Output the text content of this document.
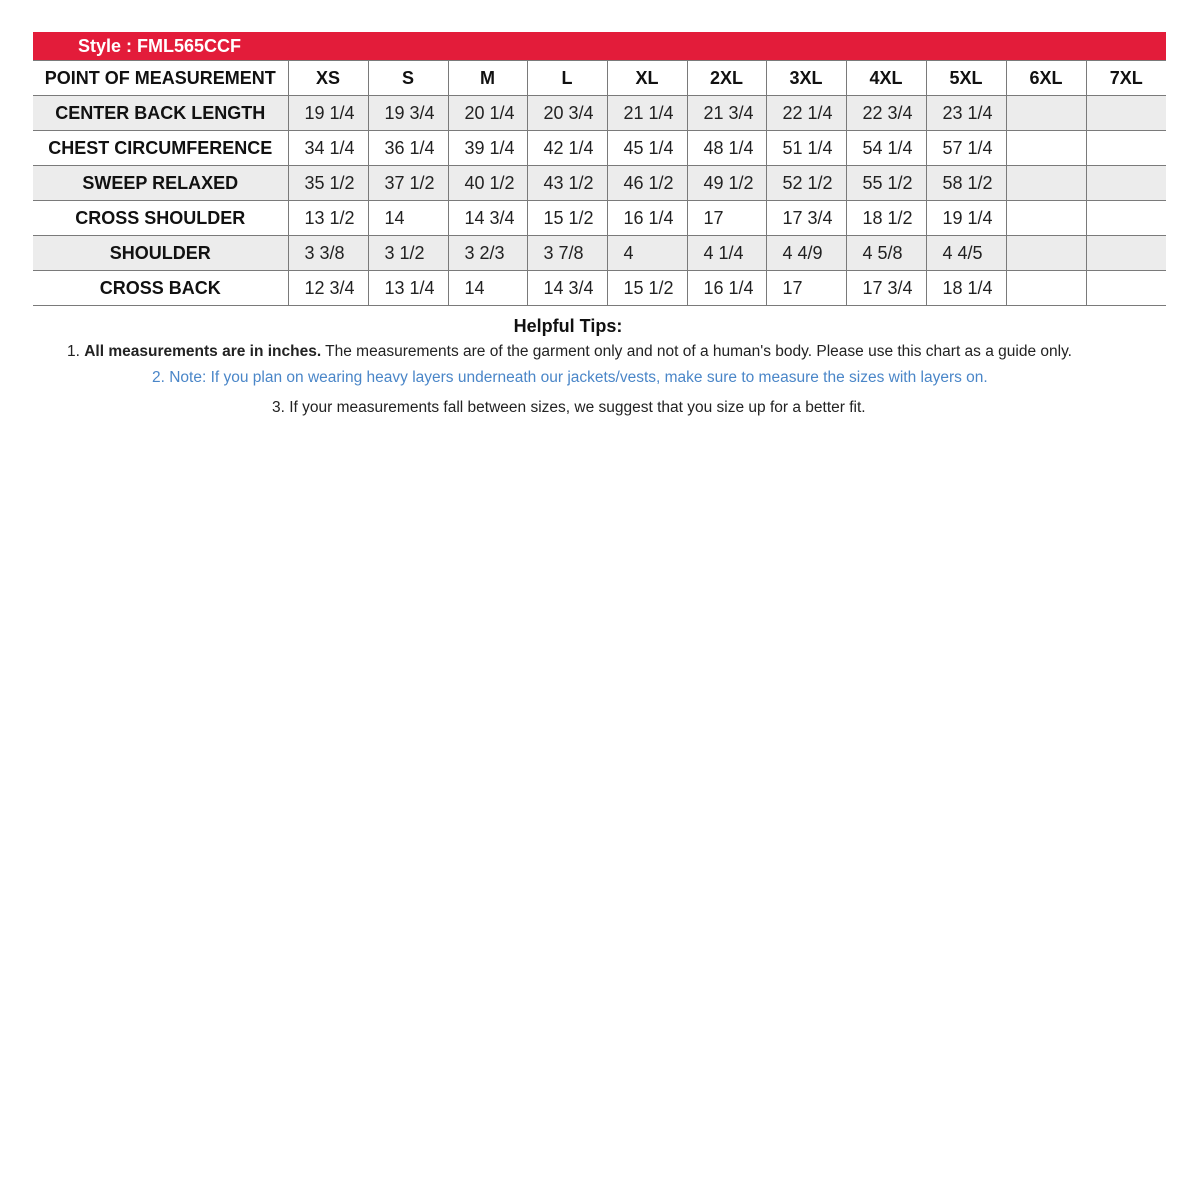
Style : FML565CCF
POINT OF MEASUREMENT	XS	S	M	L	XL	2XL	3XL	4XL	5XL	6XL	7XL
CENTER BACK LENGTH	19 1/4	19 3/4	20 1/4	20 3/4	21 1/4	21 3/4	22 1/4	22 3/4	23 1/4		
CHEST CIRCUMFERENCE	34 1/4	36 1/4	39 1/4	42 1/4	45 1/4	48 1/4	51 1/4	54 1/4	57 1/4		
SWEEP RELAXED	35 1/2	37 1/2	40 1/2	43 1/2	46 1/2	49 1/2	52 1/2	55 1/2	58 1/2		
CROSS SHOULDER	13 1/2	14	14 3/4	15 1/2	16 1/4	17	17 3/4	18 1/2	19 1/4		
SHOULDER	3 3/8	3 1/2	3 2/3	3 7/8	4	4 1/4	4 4/9	4 5/8	4 4/5		
CROSS BACK	12 3/4	13 1/4	14	14 3/4	15 1/2	16 1/4	17	17 3/4	18 1/4		
Helpful Tips:
1. All measurements are in inches. The measurements are of the garment only and not of a human's body. Please use this chart as a guide only.
2. Note: If you plan on wearing heavy layers underneath our jackets/vests, make sure to measure the sizes with layers on.
3. If your measurements fall between sizes, we suggest that you size up for a better fit.
